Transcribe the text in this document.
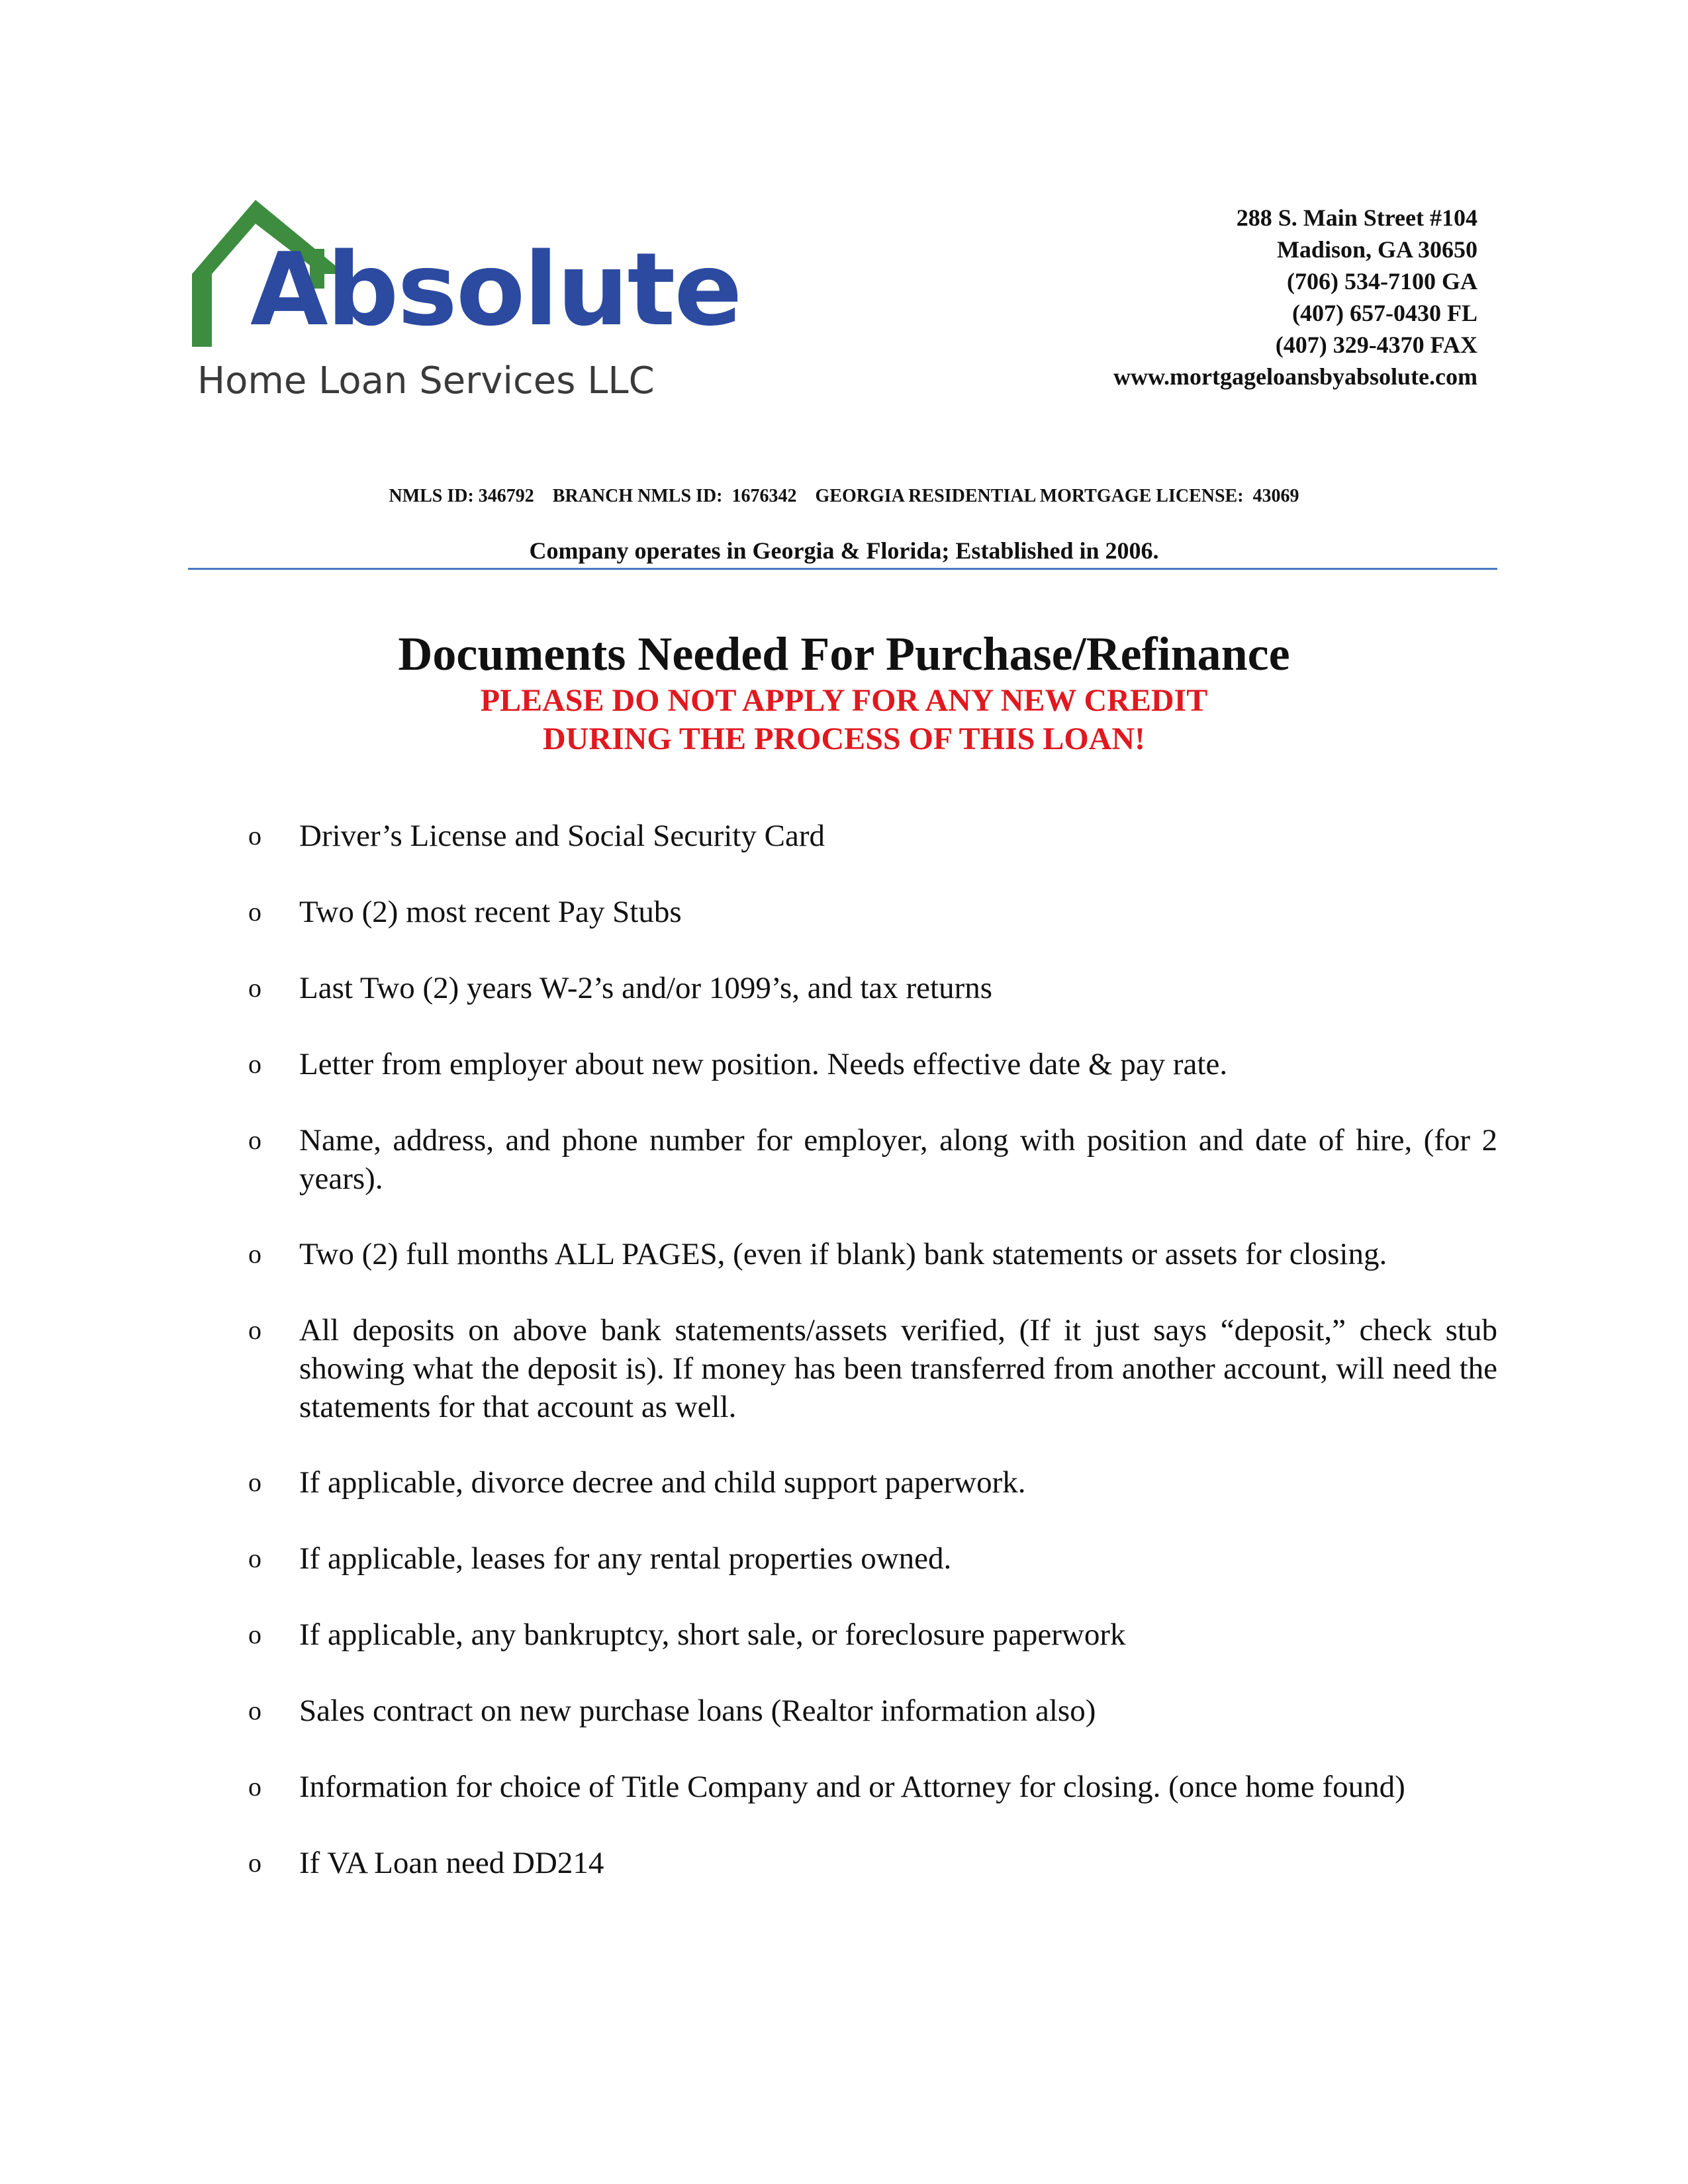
Absolute
Home Loan Services LLC
288 S. Main Street #104
Madison, GA 30650
(706) 534-7100 GA
(407) 657-0430 FL
(407) 329-4370 FAX
www.mortgageloansbyabsolute.com
NMLS ID: 346792    BRANCH NMLS ID:  1676342    GEORGIA RESIDENTIAL MORTGAGE LICENSE:  43069
Company operates in Georgia & Florida; Established in 2006.
Documents Needed For Purchase/Refinance
PLEASE DO NOT APPLY FOR ANY NEW CREDIT
DURING THE PROCESS OF THIS LOAN!
o Driver’s License and Social Security Card
o Two (2) most recent Pay Stubs
o Last Two (2) years W-2’s and/or 1099’s, and tax returns
o Letter from employer about new position. Needs effective date & pay rate.
o Name, address, and phone number for employer, along with position and date of hire, (for 2 years).
o Two (2) full months ALL PAGES, (even if blank) bank statements or assets for closing.
o All deposits on above bank statements/assets verified, (If it just says “deposit,” check stub showing what the deposit is). If money has been transferred from another account, will need the statements for that account as well.
o If applicable, divorce decree and child support paperwork.
o If applicable, leases for any rental properties owned.
o If applicable, any bankruptcy, short sale, or foreclosure paperwork
o Sales contract on new purchase loans (Realtor information also)
o Information for choice of Title Company and or Attorney for closing. (once home found)
o If VA Loan need DD214
